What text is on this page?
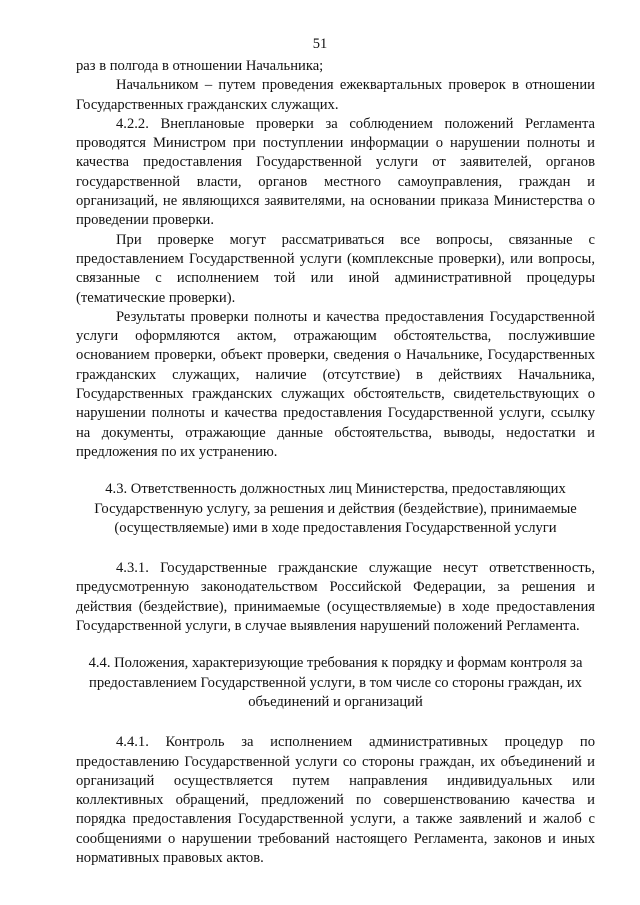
51

раз в полгода в отношении Начальника;

Начальником – путем проведения ежеквартальных проверок в отношении Государственных гражданских служащих.

4.2.2. Внеплановые проверки за соблюдением положений Регламента проводятся Министром при поступлении информации о нарушении полноты и качества предоставления Государственной услуги от заявителей, органов государственной власти, органов местного самоуправления, граждан и организаций, не являющихся заявителями, на основании приказа Министерства о проведении проверки.

При проверке могут рассматриваться все вопросы, связанные с предоставлением Государственной услуги (комплексные проверки), или вопросы, связанные с исполнением той или иной административной процедуры (тематические проверки).

Результаты проверки полноты и качества предоставления Государственной услуги оформляются актом, отражающим обстоятельства, послужившие основанием проверки, объект проверки, сведения о Начальнике, Государственных гражданских служащих, наличие (отсутствие) в действиях Начальника, Государственных гражданских служащих обстоятельств, свидетельствующих о нарушении полноты и качества предоставления Государственной услуги, ссылку на документы, отражающие данные обстоятельства, выводы, недостатки и предложения по их устранению.

4.3. Ответственность должностных лиц Министерства, предоставляющих Государственную услугу, за решения и действия (бездействие), принимаемые (осуществляемые) ими в ходе предоставления Государственной услуги

4.3.1. Государственные гражданские служащие несут ответственность, предусмотренную законодательством Российской Федерации, за решения и действия (бездействие), принимаемые (осуществляемые) в ходе предоставления Государственной услуги, в случае выявления нарушений положений Регламента.

4.4. Положения, характеризующие требования к порядку и формам контроля за предоставлением Государственной услуги, в том числе со стороны граждан, их объединений и организаций

4.4.1. Контроль за исполнением административных процедур по предоставлению Государственной услуги со стороны граждан, их объединений и организаций осуществляется путем направления индивидуальных или коллективных обращений, предложений по совершенствованию качества и порядка предоставления Государственной услуги, а также заявлений и жалоб с сообщениями о нарушении требований настоящего Регламента, законов и иных нормативных правовых актов.
